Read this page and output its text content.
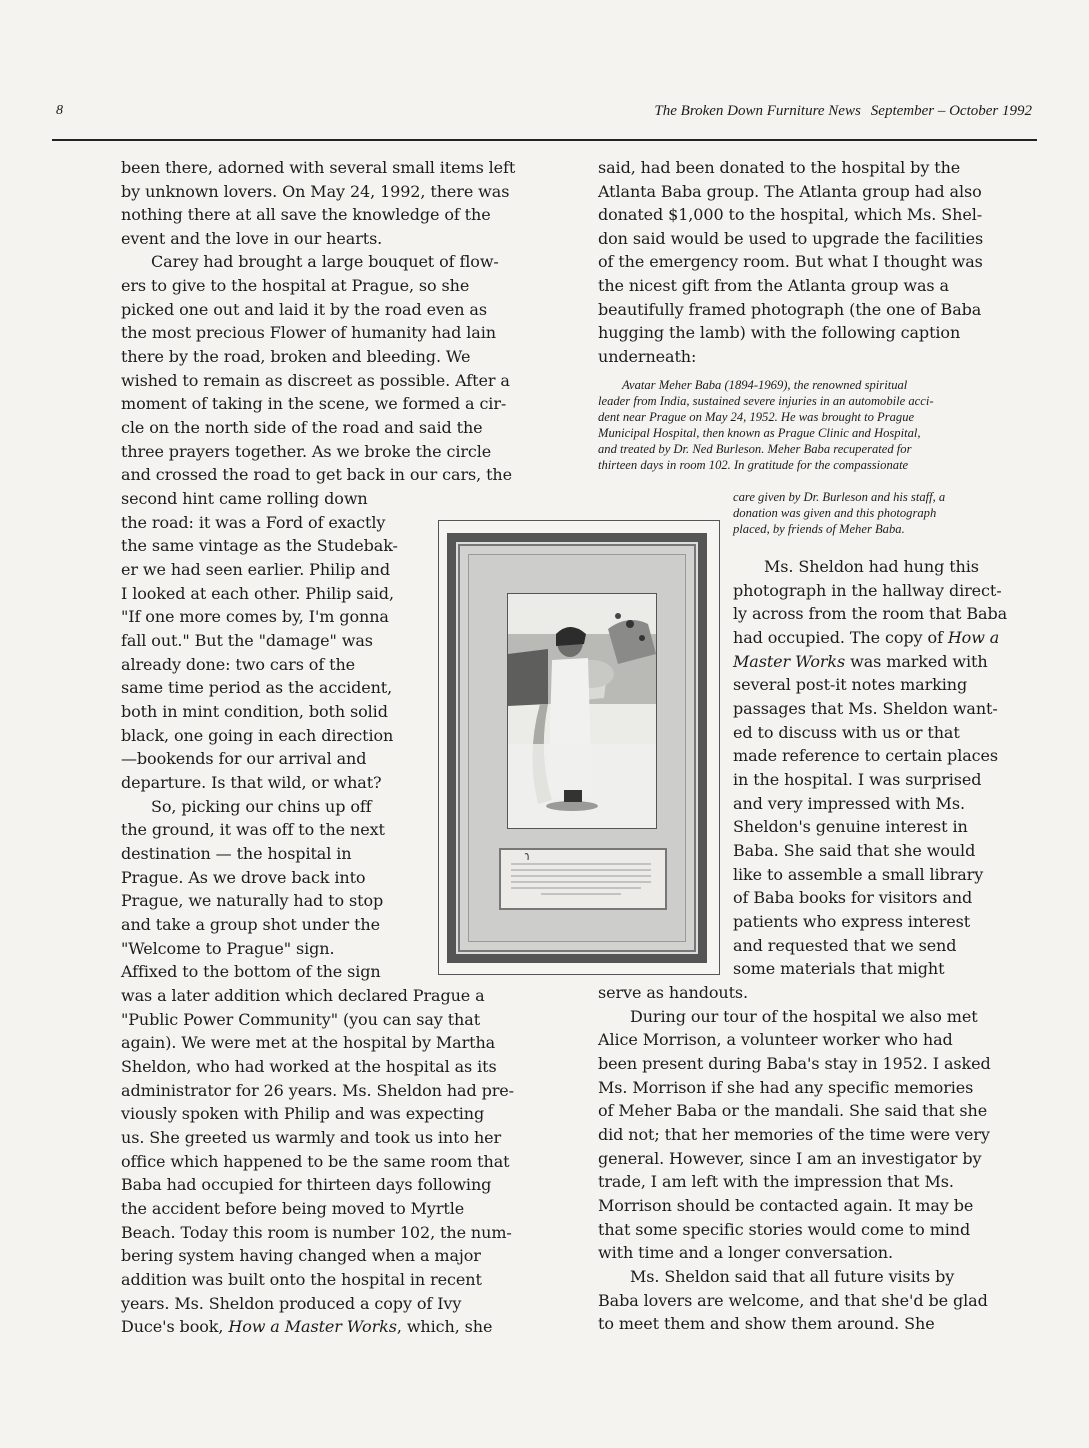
8	The Broken Down Furniture News September – October 1992

been there, adorned with several small items left

by unknown lovers. On May 24, 1992, there was

nothing there at all save the knowledge of the

event and the love in our hearts.

Carey had brought a large bouquet of flow-

ers to give to the hospital at Prague, so she

picked one out and laid it by the road even as

the most precious Flower of humanity had lain

there by the road, broken and bleeding. We

wished to remain as discreet as possible. After a

moment of taking in the scene, we formed a cir-

cle on the north side of the road and said the

three prayers together. As we broke the circle

and crossed the road to get back in our cars, the

second hint came rolling down

the road: it was a Ford of exactly

the same vintage as the Studebak-

er we had seen earlier. Philip and

I looked at each other. Philip said,

"If one more comes by, I'm gonna

fall out." But the "damage" was

already done: two cars of the

same time period as the accident,

both in mint condition, both solid

black, one going in each direction

—bookends for our arrival and

departure. Is that wild, or what?

So, picking our chins up off

the ground, it was off to the next

destination — the hospital in

Prague. As we drove back into

Prague, we naturally had to stop

and take a group shot under the

"Welcome to Prague" sign.

Affixed to the bottom of the sign

was a later addition which declared Prague a

"Public Power Community" (you can say that

again). We were met at the hospital by Martha

Sheldon, who had worked at the hospital as its

administrator for 26 years. Ms. Sheldon had pre-

viously spoken with Philip and was expecting

us. She greeted us warmly and took us into her

office which happened to be the same room that

Baba had occupied for thirteen days following

the accident before being moved to Myrtle

Beach. Today this room is number 102, the num-

bering system having changed when a major

addition was built onto the hospital in recent

years. Ms. Sheldon produced a copy of Ivy

Duce's book, How a Master Works, which, she

said, had been donated to the hospital by the

Atlanta Baba group. The Atlanta group had also

donated $1,000 to the hospital, which Ms. Shel-

don said would be used to upgrade the facilities

of the emergency room. But what I thought was

the nicest gift from the Atlanta group was a

beautifully framed photograph (the one of Baba

hugging the lamb) with the following caption

underneath:

Avatar Meher Baba (1894-1969), the renowned spiritual

leader from India, sustained severe injuries in an automobile acci-

dent near Prague on May 24, 1952. He was brought to Prague

Municipal Hospital, then known as Prague Clinic and Hospital,

and treated by Dr. Ned Burleson. Meher Baba recuperated for

thirteen days in room 102. In gratitude for the compassionate

care given by Dr. Burleson and his staff, a

donation was given and this photograph

placed, by friends of Meher Baba.

Ms. Sheldon had hung this

photograph in the hallway direct-

ly across from the room that Baba

had occupied. The copy of How a

Master Works was marked with

several post-it notes marking

passages that Ms. Sheldon want-

ed to discuss with us or that

made reference to certain places

in the hospital. I was surprised

and very impressed with Ms.

Sheldon's genuine interest in

Baba. She said that she would

like to assemble a small library

of Baba books for visitors and

patients who express interest

and requested that we send

some materials that might

serve as handouts.

During our tour of the hospital we also met

Alice Morrison, a volunteer worker who had

been present during Baba's stay in 1952. I asked

Ms. Morrison if she had any specific memories

of Meher Baba or the mandali. She said that she

did not; that her memories of the time were very

general. However, since I am an investigator by

trade, I am left with the impression that Ms.

Morrison should be contacted again. It may be

that some specific stories would come to mind

with time and a longer conversation.

Ms. Sheldon said that all future visits by

Baba lovers are welcome, and that she'd be glad

to meet them and show them around. She
